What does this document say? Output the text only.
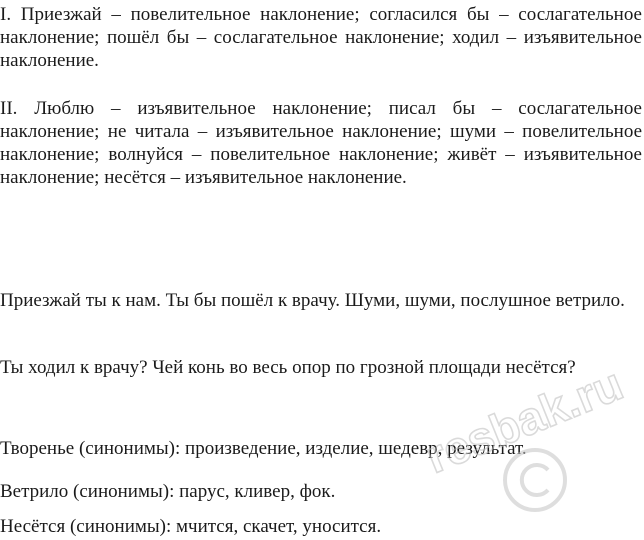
I. Приезжай – повелительное наклонение; согласился бы – сослагательное наклонение; пошёл бы – сослагательное наклонение; ходил – изъявительное наклонение.

II. Люблю – изъявительное наклонение; писал бы – сослагательное наклонение; не читала – изъявительное наклонение; шуми – повелительное наклонение; волнуйся – повелительное наклонение; живёт – изъявительное наклонение; несётся – изъявительное наклонение.

Приезжай ты к нам. Ты бы пошёл к врачу. Шуми, шуми, послушное ветрило.

Ты ходил к врачу? Чей конь во весь опор по грозной площади несётся?

Творенье (синонимы): произведение, изделие, шедевр, результат.

Ветрило (синонимы): парус, кливер, фок.

Несётся (синонимы): мчится, скачет, уносится.

resbak.ru
